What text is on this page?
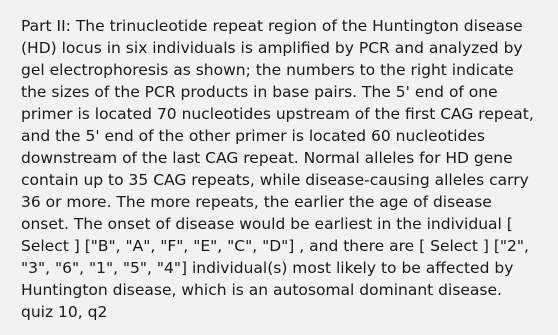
Part II: The trinucleotide repeat region of the Huntington disease (HD) locus in six individuals is amplified by PCR and analyzed by gel electrophoresis as shown; the numbers to the right indicate the sizes of the PCR products in base pairs. The 5' end of one primer is located 70 nucleotides upstream of the first CAG repeat, and the 5' end of the other primer is located 60 nucleotides downstream of the last CAG repeat. Normal alleles for HD gene contain up to 35 CAG repeats, while disease-causing alleles carry 36 or more. The more repeats, the earlier the age of disease onset. The onset of disease would be earliest in the individual [ Select ] ["B", "A", "F", "E", "C", "D"] , and there are [ Select ] ["2", "3", "6", "1", "5", "4"] individual(s) most likely to be affected by Huntington disease, which is an autosomal dominant disease. quiz 10, q2
